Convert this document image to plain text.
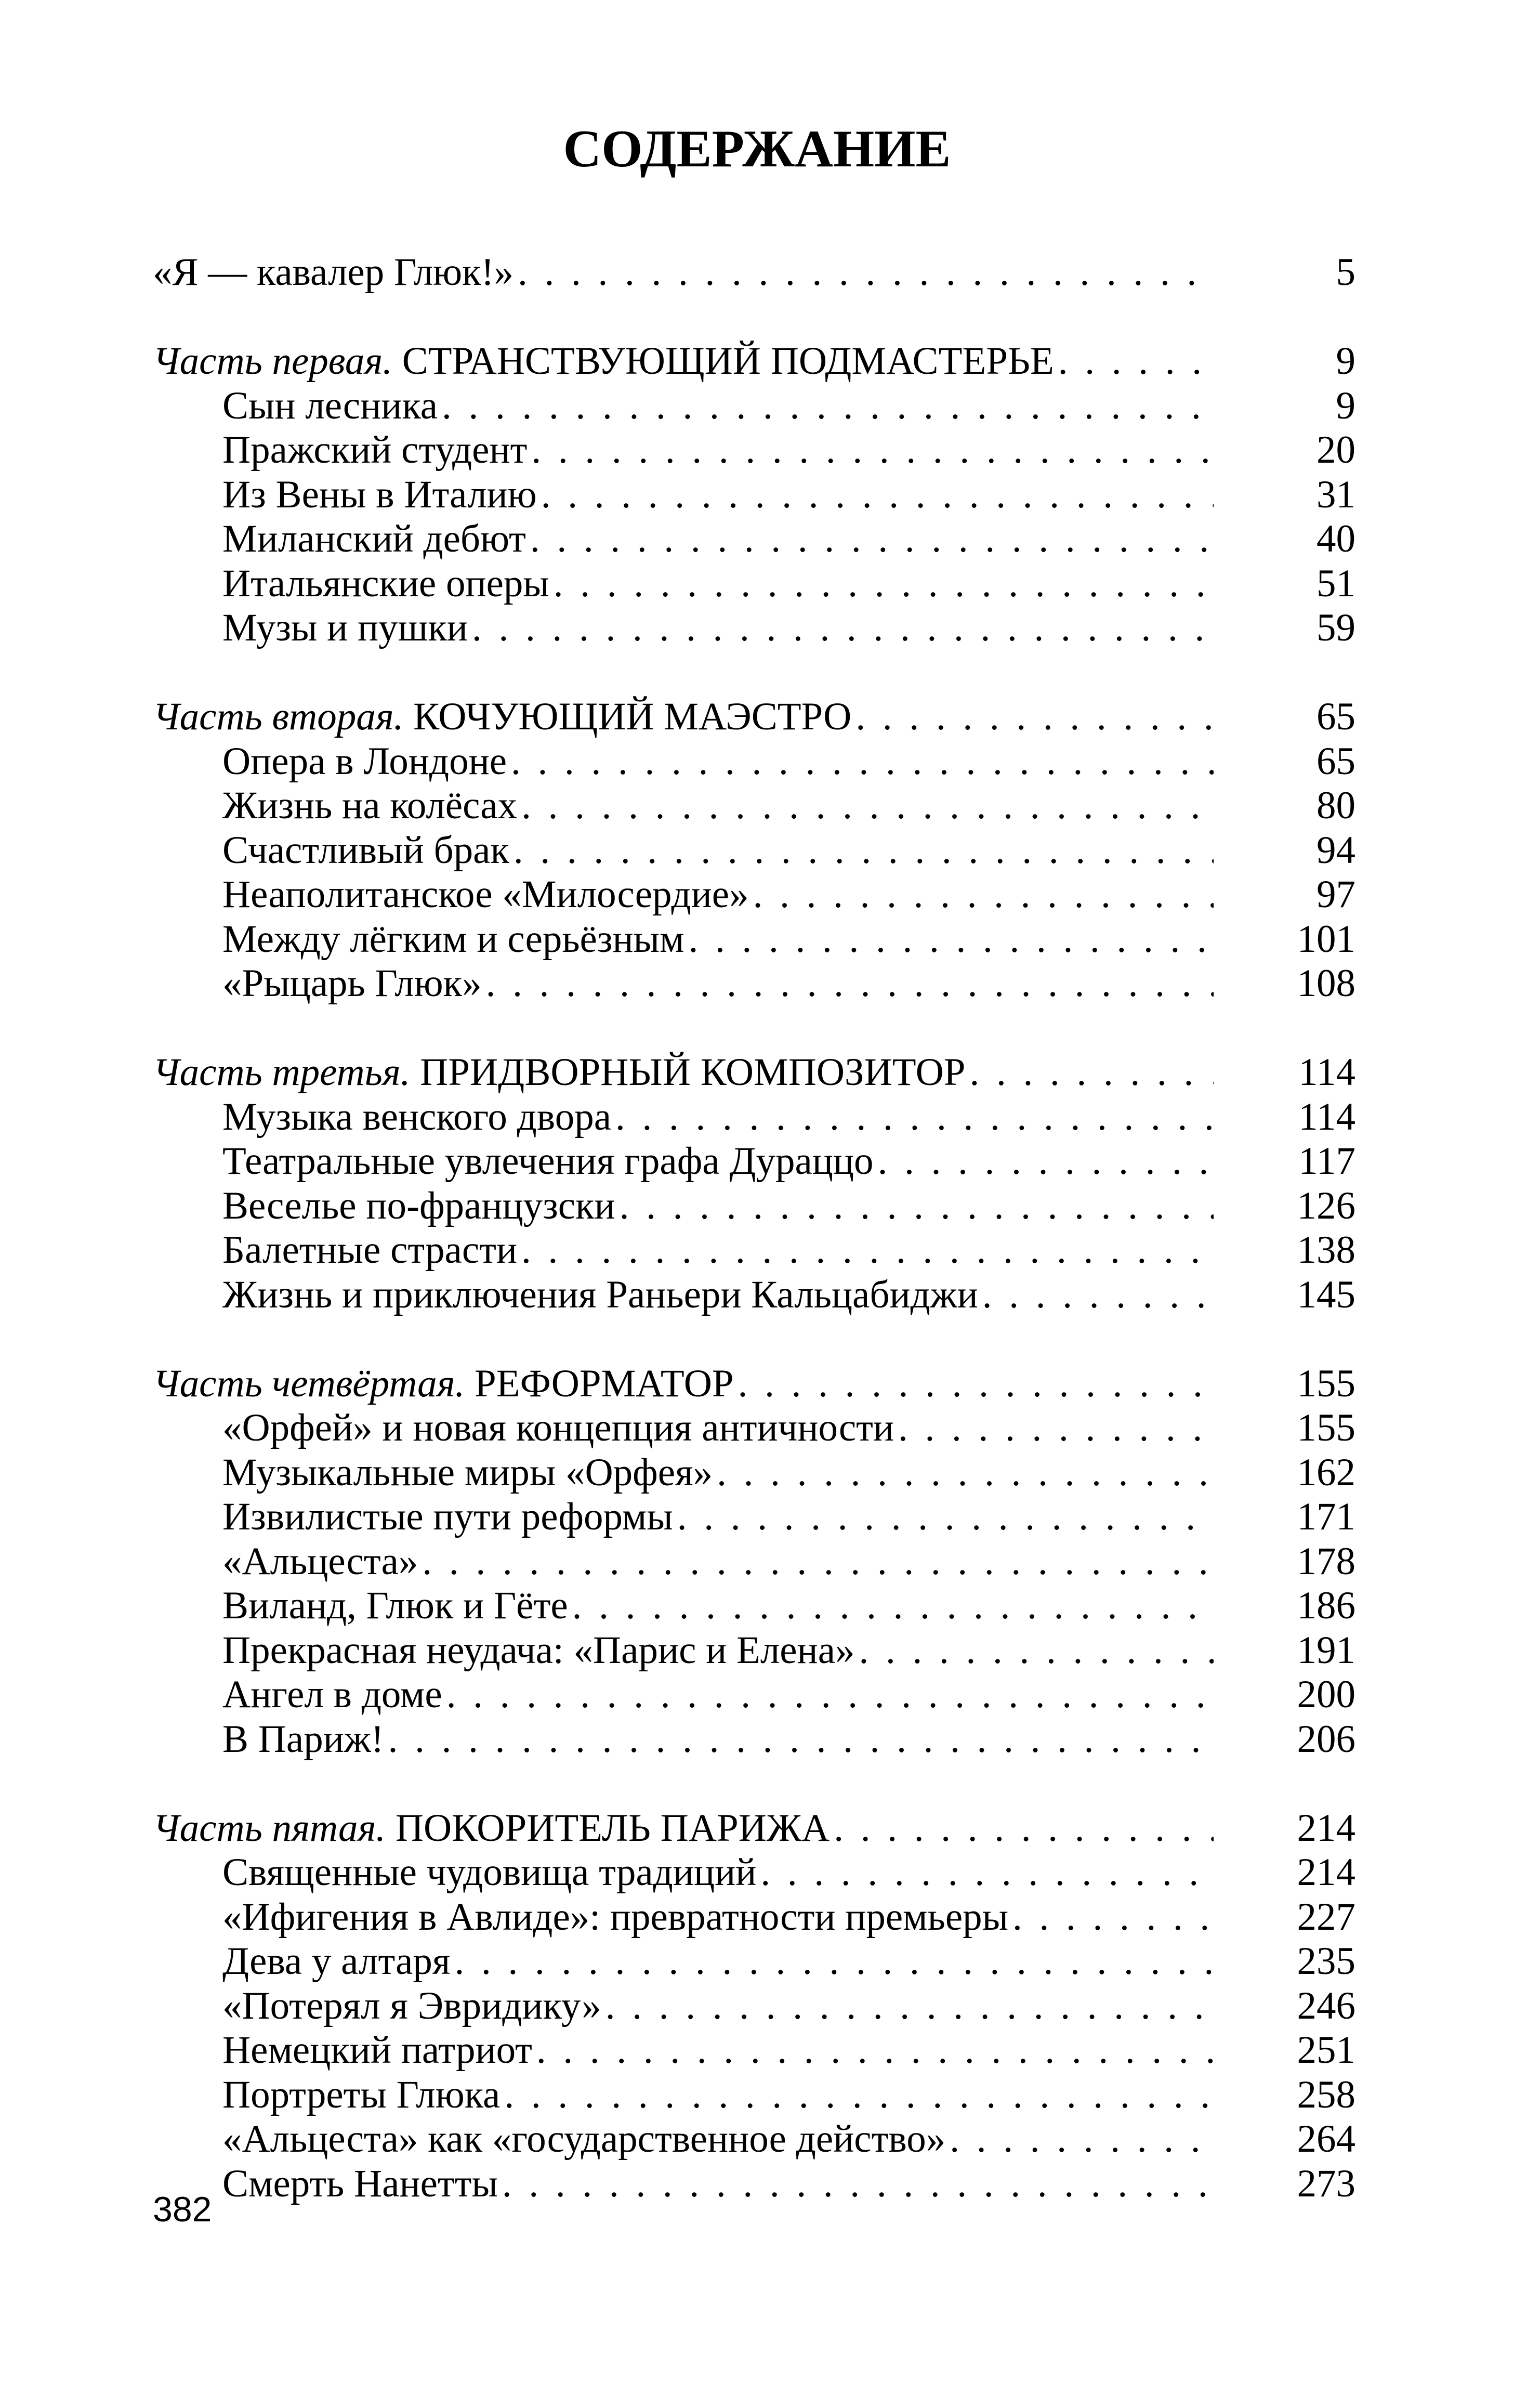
СОДЕРЖАНИЕ
«Я — кавалер Глюк!» . . .	5
Часть первая. СТРАНСТВУЮЩИЙ ПОДМАСТЕРЬЕ . . .	9
Сын лесника . . .	9
Пражский студент . . .	20
Из Вены в Италию . . .	31
Миланский дебют . . .	40
Итальянские оперы . . .	51
Музы и пушки . . .	59
Часть вторая. КОЧУЮЩИЙ МАЭСТРО . . .	65
Опера в Лондоне . . .	65
Жизнь на колёсах . . .	80
Счастливый брак . . .	94
Неаполитанское «Милосердие» . . .	97
Между лёгким и серьёзным . . .	101
«Рыцарь Глюк» . . .	108
Часть третья. ПРИДВОРНЫЙ КОМПОЗИТОР . . .	114
Музыка венского двора . . .	114
Театральные увлечения графа Дураццо . . .	117
Веселье по-французски . . .	126
Балетные страсти . . .	138
Жизнь и приключения Раньери Кальцабиджи . . .	145
Часть четвёртая. РЕФОРМАТОР . . .	155
«Орфей» и новая концепция античности . . .	155
Музыкальные миры «Орфея» . . .	162
Извилистые пути реформы . . .	171
«Альцеста» . . .	178
Виланд, Глюк и Гёте . . .	186
Прекрасная неудача: «Парис и Елена» . . .	191
Ангел в доме . . .	200
В Париж! . . .	206
Часть пятая. ПОКОРИТЕЛЬ ПАРИЖА . . .	214
Священные чудовища традиций . . .	214
«Ифигения в Авлиде»: превратности премьеры . . .	227
Дева у алтаря . . .	235
«Потерял я Эвридику» . . .	246
Немецкий патриот . . .	251
Портреты Глюка . . .	258
«Альцеста» как «государственное действо» . . .	264
Смерть Нанетты . . .	273
382
